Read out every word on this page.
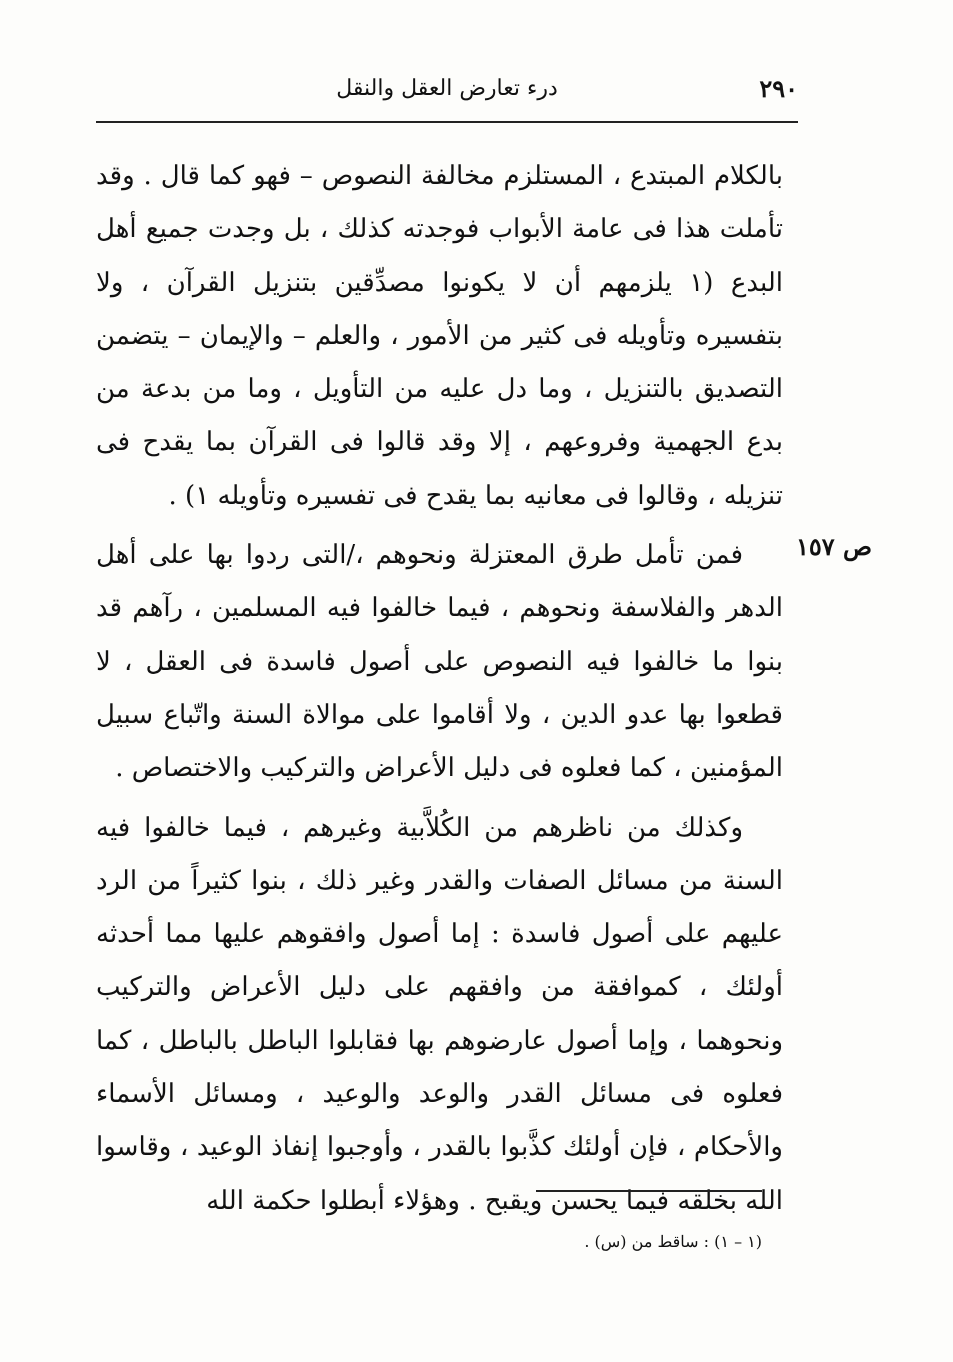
٢٩٠
درء تعارض العقل والنقل
ص ١٥٧

بالكلام المبتدع ، المستلزم مخالفة النصوص – فهو كما قال . وقد تأملت هذا فى عامة الأبواب فوجدته كذلك ، بل وجدت جميع أهل البدع (١ يلزمهم أن لا يكونوا مصدِّقين بتنزيل القرآن ، ولا بتفسيره وتأويله فى كثير من الأمور ، والعلم – والإيمان – يتضمن التصديق بالتنزيل ، وما دل عليه من التأويل ، وما من بدعة من بدع الجهمية وفروعهم ، إلا وقد قالوا فى القرآن بما يقدح فى تنزيله ، وقالوا فى معانيه بما يقدح فى تفسيره وتأويله ١) .

فمن تأمل طرق المعتزلة ونحوهم ،/التى ردوا بها على أهل الدهر والفلاسفة ونحوهم ، فيما خالفوا فيه المسلمين ، رآهم قد بنوا ما خالفوا فيه النصوص على أصول فاسدة فى العقل ، لا قطعوا بها عدو الدين ، ولا أقاموا على موالاة السنة واتّباع سبيل المؤمنين ، كما فعلوه فى دليل الأعراض والتركيب والاختصاص .

وكذلك من ناظرهم من الكُلاَّبية وغيرهم ، فيما خالفوا فيه السنة من مسائل الصفات والقدر وغير ذلك ، بنوا كثيراً من الرد عليهم على أصول فاسدة : إما أصول وافقوهم عليها مما أحدثه أولئك ، كموافقة من وافقهم على دليل الأعراض والتركيب ونحوهما ، وإما أصول عارضوهم بها فقابلوا الباطل بالباطل ، كما فعلوه فى مسائل القدر والوعد والوعيد ، ومسائل الأسماء والأحكام ، فإن أولئك كذَّبوا بالقدر ، وأوجبوا إنفاذ الوعيد ، وقاسوا الله بخلقه فيما يحسن ويقبح . وهؤلاء أبطلوا حكمة الله

(١ – ١) : ساقط من (س) .
